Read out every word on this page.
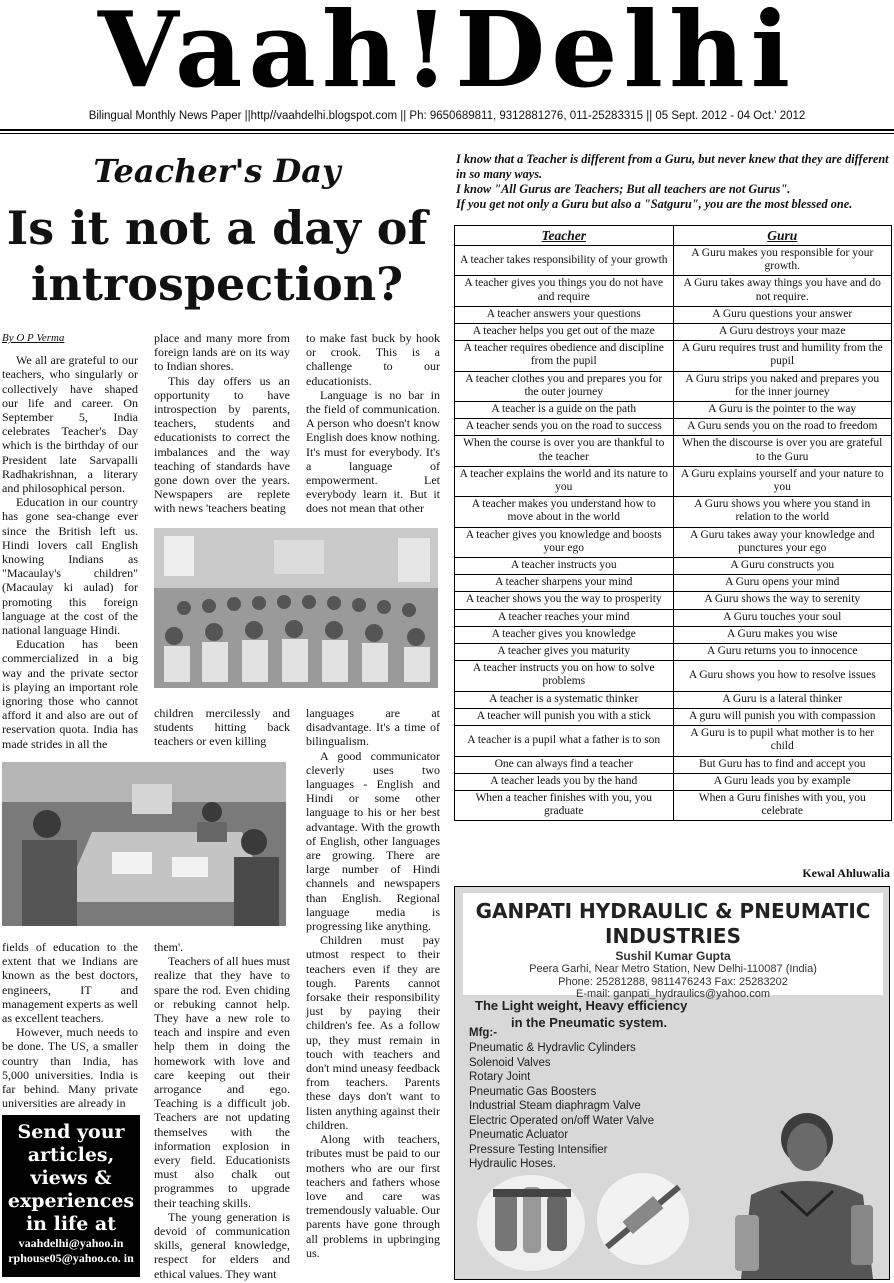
Vaah!Delhi
Bilingual Monthly News Paper ||http//vaahdelhi.blogspot.com || Ph: 9650689811, 9312881276, 011-25283315 || 05 Sept. 2012 - 04 Oct.' 2012
Teacher's Day
Is it not a day of introspection?

By O P Verma

We all are grateful to our teachers, who singularly or collectively have shaped our life and career. On September 5, India celebrates Teacher's Day which is the birthday of our President late Sarvapalli Radhakrishnan, a literary and philosophical person.

Education in our country has gone sea-change ever since the British left us. Hindi lovers call English knowing Indians as "Macaulay's children" (Macaulay ki aulad) for promoting this foreign language at the cost of the national language Hindi.

Education has been commercialized in a big way and the private sector is playing an important role ignoring those who cannot afford it and also are out of reservation quota. India has made strides in all the

place and many more from foreign lands are on its way to Indian shores.

This day offers us an opportunity to have introspection by parents, teachers, students and educationists to correct the imbalances and the way teaching of standards have gone down over the years. Newspapers are replete with news 'teachers beating

to make fast buck by hook or crook. This is a challenge to our educationists.

Language is no bar in the field of communication. A person who doesn't know English does know nothing. It's must for everybody. It's a language of empowerment. Let everybody learn it. But it does not mean that other

children mercilessly and students hitting back teachers or even killing

languages are at disadvantage. It's a time of bilingualism.

A good communicator cleverly uses two languages - English and Hindi or some other language to his or her best advantage. With the growth of English, other languages are growing. There are large number of Hindi channels and newspapers than English. Regional language media is progressing like anything.

Children must pay utmost respect to their teachers even if they are tough. Parents cannot forsake their responsibility just by paying their children's fee. As a follow up, they must remain in touch with teachers and don't mind uneasy feedback from teachers. Parents these days don't want to listen anything against their children.

Along with teachers, tributes must be paid to our mothers who are our first teachers and fathers whose love and care was tremendously valuable. Our parents have gone through all problems in upbringing us.

fields of education to the extent that we Indians are known as the best doctors, engineers, IT and management experts as well as excellent teachers.

However, much needs to be done. The US, a smaller country than India, has 5,000 universities. India is far behind. Many private universities are already in

them'.

Teachers of all hues must realize that they have to spare the rod. Even chiding or rebuking cannot help. They have a new role to teach and inspire and even help them in doing the homework with love and care keeping out their arrogance and ego. Teaching is a difficult job. Teachers are not updating themselves with the information explosion in every field. Educationists must also chalk out programmes to upgrade their teaching skills.

The young generation is devoid of communication skills, general knowledge, respect for elders and ethical values. They want

Send your
articles,
views &
experiences
in life at
vaahdelhi@yahoo.in
rphouse05@yahoo.co. in
I know that a Teacher is different from a Guru, but never knew that they are different in so many ways.
I know "All Gurus are Teachers; But all teachers are not Gurus".
If you get not only a Guru but also a "Satguru", you are the most blessed one.
Teacher	Guru
A teacher takes responsibility of your growth	A Guru makes you responsible for your growth.
A teacher gives you things you do not have and require	A Guru takes away things you have and do not require.
A teacher answers your questions	A Guru questions your answer
A teacher helps you get out of the maze	A Guru destroys your maze
A teacher requires obedience and discipline from the pupil	A Guru requires trust and humility from the pupil
A teacher clothes you and prepares you for the outer journey	A Guru strips you naked and prepares you for the inner journey
A teacher is a guide on the path	A Guru is the pointer to the way
A teacher sends you on the road to success	A Guru sends you on the road to freedom
When the course is over you are thankful to the teacher	When the discourse is over you are grateful to the Guru
A teacher explains the world and its nature to you	A Guru explains yourself and your nature to you
A teacher makes you understand how to move about in the world	A Guru shows you where you stand in relation to the world
A teacher gives you knowledge and boosts your ego	A Guru takes away your knowledge and punctures your ego
A teacher instructs you	A Guru constructs you
A teacher sharpens your mind	A Guru opens your mind
A teacher shows you the way to prosperity	A Guru shows the way to serenity
A teacher reaches your mind	A Guru touches your soul
A teacher gives you knowledge	A Guru makes you wise
A teacher gives you maturity	A Guru returns you to innocence
A teacher instructs you on how to solve problems	A Guru shows you how to resolve issues
A teacher is a systematic thinker	A Guru is a lateral thinker
A teacher will punish you with a stick	A guru will punish you with compassion
A teacher is a pupil what a father is to son	A Guru is to pupil what mother is to her child
One can always find a teacher	But Guru has to find and accept you
A teacher leads you by the hand	A Guru leads you by example
When a teacher finishes with you, you graduate	When a Guru finishes with you, you celebrate
Kewal Ahluwalia
GANPATI HYDRAULIC & PNEUMATIC INDUSTRIES
Sushil Kumar Gupta
Peera Garhi, Near Metro Station, New Delhi-110087 (India)
Phone: 25281288, 9811476243 Fax: 25283202
E-mail: ganpati_hydraulics@yahoo.com
The Light weight, Heavy efficiency
in the Pneumatic system.
Mfg:-
Pneumatic & Hydravlic Cylinders
Solenoid Valves
Rotary Joint
Pneumatic Gas Boosters
Industrial Steam diaphragm Valve
Electric Operated on/off Water Valve
Pneumatic Acluator
Pressure Testing Intensifier
Hydraulic Hoses.
